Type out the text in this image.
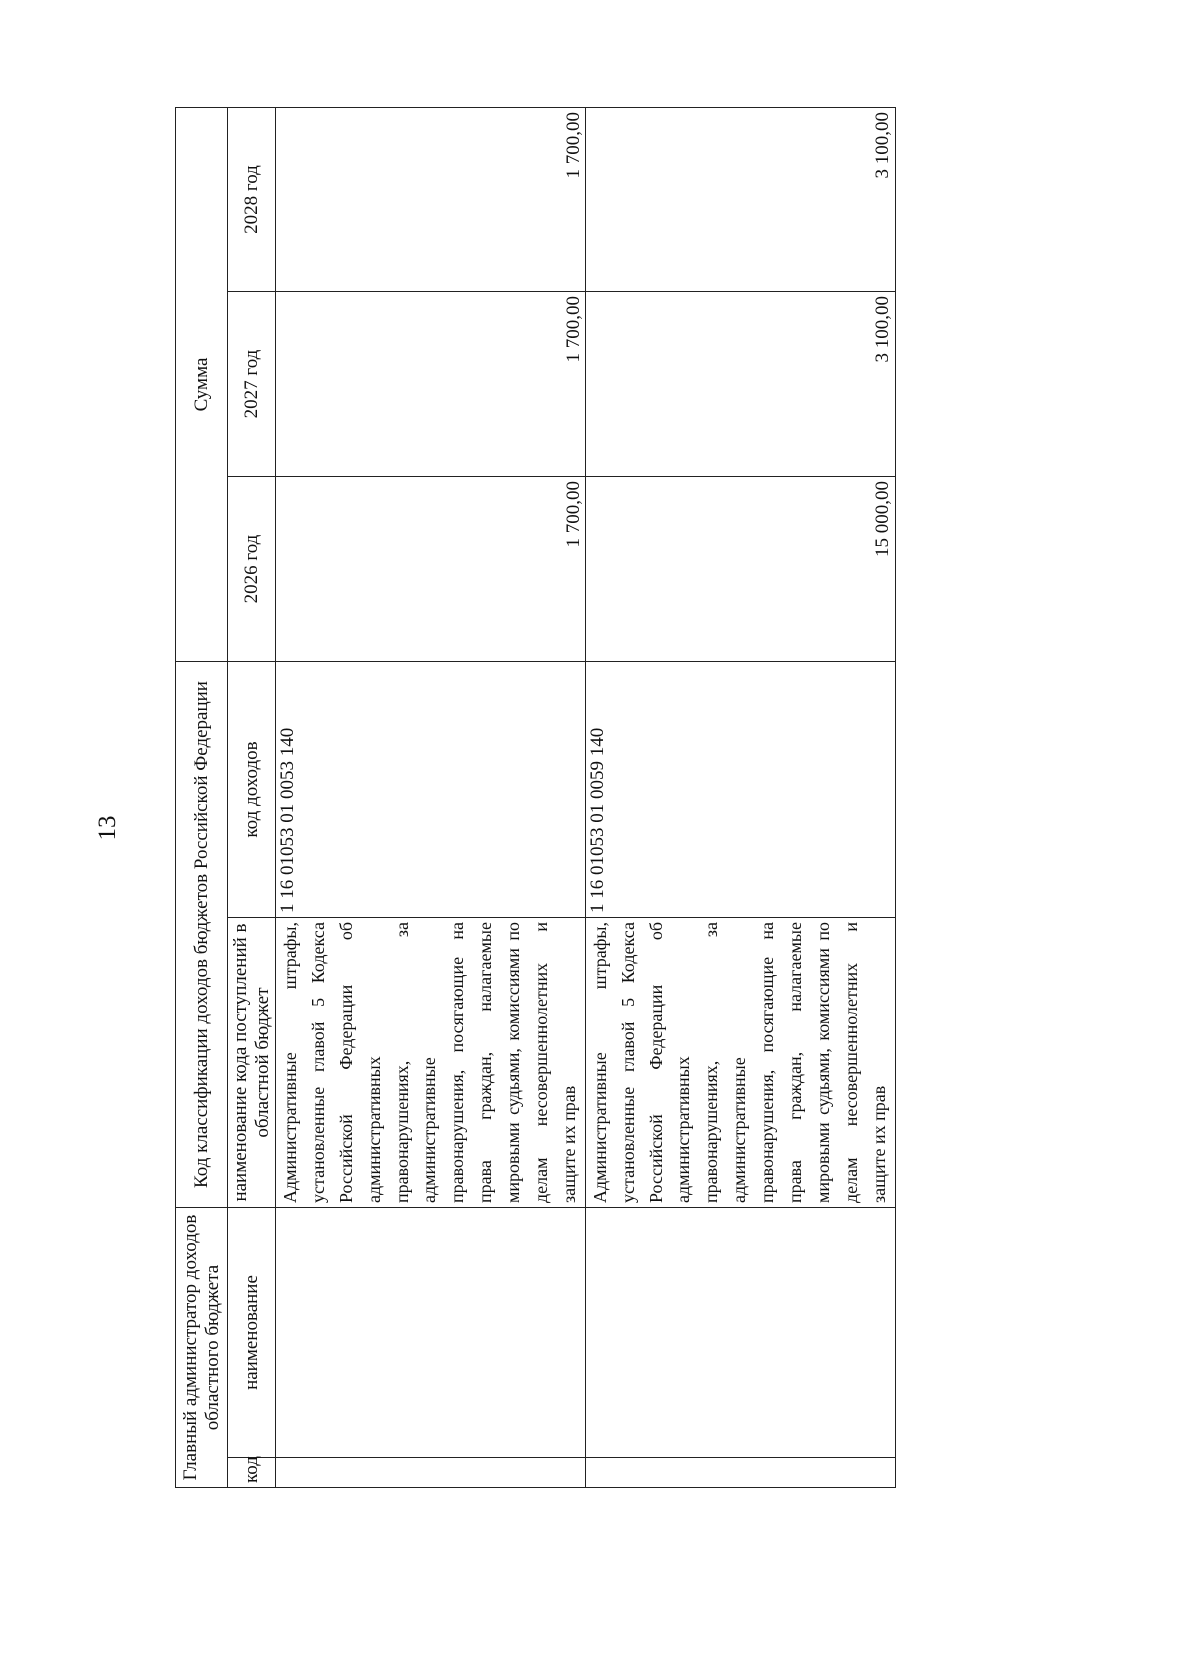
13
Главный администратор доходов областного бюджета		Код классификации доходов бюджетов Российской Федерации		Сумма		
код	наименование	наименование кода поступлений в областной бюджет	код доходов	2026 год	2027 год	2028 год
		Административные штрафы, установленные главой 5 Кодекса Российской Федерации об административных правонарушениях, за административные правонарушения, посягающие на права граждан, налагаемые мировыми судьями, комиссиями по делам несовершеннолетних и защите их прав	1 16 01053 01 0053 140	1 700,00	1 700,00	1 700,00
		Административные штрафы, установленные главой 5 Кодекса Российской Федерации об административных правонарушениях, за административные правонарушения, посягающие на права граждан, налагаемые мировыми судьями, комиссиями по делам несовершеннолетних и защите их прав	1 16 01053 01 0059 140	15 000,00	3 100,00	3 100,00
